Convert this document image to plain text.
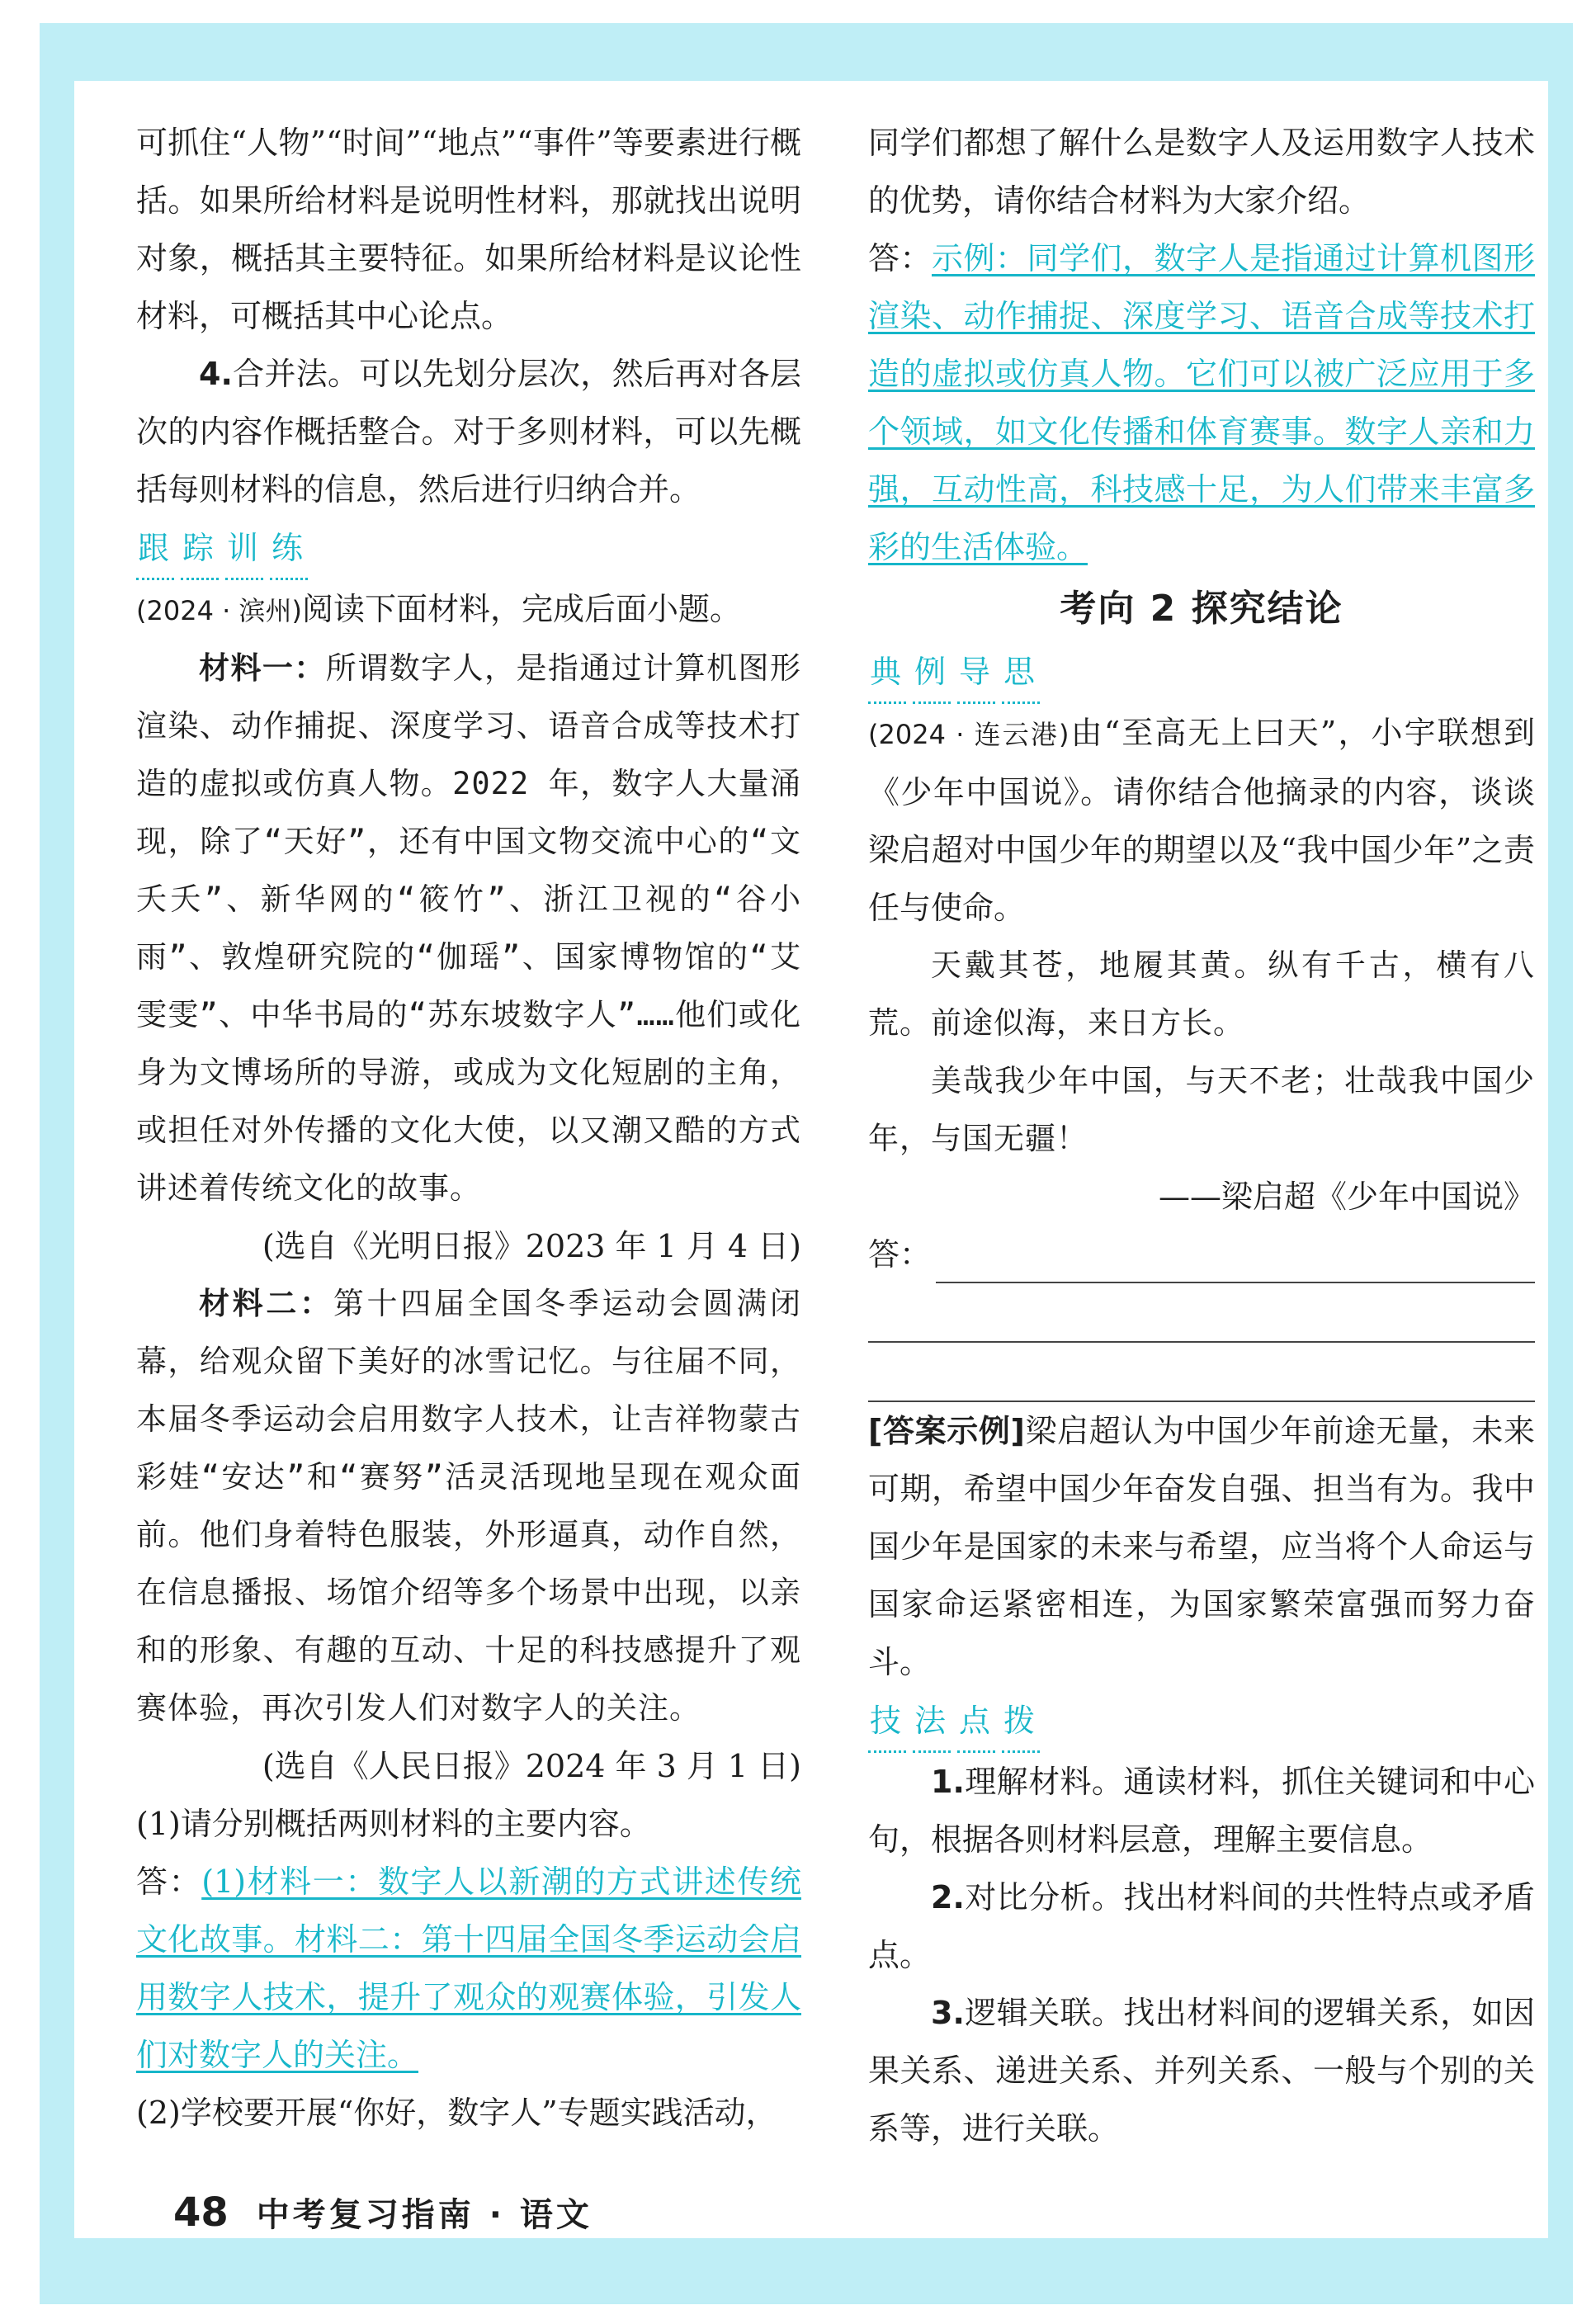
可抓住“人物”“时间”“地点”“事件”等要素进行概括。如果所给材料是说明性材料，那就找出说明对象，概括其主要特征。如果所给材料是议论性材料，可概括其中心论点。

4.合并法。可以先划分层次，然后再对各层次的内容作概括整合。对于多则材料，可以先概括每则材料的信息，然后进行归纳合并。

跟 踪 训 练

(2024 · 滨州)阅读下面材料，完成后面小题。

材料一：所谓数字人，是指通过计算机图形渲染、动作捕捉、深度学习、语音合成等技术打造的虚拟或仿真人物。2022 年，数字人大量涌现，除了“天好”，还有中国文物交流中心的“文夭夭”、新华网的“筱竹”、浙江卫视的“谷小雨”、敦煌研究院的“伽瑶”、国家博物馆的“艾雯雯”、中华书局的“苏东坡数字人”……他们或化身为文博场所的导游，或成为文化短剧的主角，或担任对外传播的文化大使，以又潮又酷的方式讲述着传统文化的故事。

(选自《光明日报》2023 年 1 月 4 日)

材料二：第十四届全国冬季运动会圆满闭幕，给观众留下美好的冰雪记忆。与往届不同，本届冬季运动会启用数字人技术，让吉祥物蒙古彩娃“安达”和“赛努”活灵活现地呈现在观众面前。他们身着特色服装，外形逼真，动作自然，在信息播报、场馆介绍等多个场景中出现，以亲和的形象、有趣的互动、十足的科技感提升了观赛体验，再次引发人们对数字人的关注。

(选自《人民日报》2024 年 3 月 1 日)

(1)请分别概括两则材料的主要内容。

答：(1)材料一：数字人以新潮的方式讲述传统文化故事。材料二：第十四届全国冬季运动会启用数字人技术，提升了观众的观赛体验，引发人们对数字人的关注。

(2)学校要开展“你好，数字人”专题实践活动，

同学们都想了解什么是数字人及运用数字人技术的优势，请你结合材料为大家介绍。

答：示例：同学们，数字人是指通过计算机图形渲染、动作捕捉、深度学习、语音合成等技术打造的虚拟或仿真人物。它们可以被广泛应用于多个领域，如文化传播和体育赛事。数字人亲和力强，互动性高，科技感十足，为人们带来丰富多彩的生活体验。

考向 2 探究结论
典 例 导 思

(2024 · 连云港)由“至高无上曰天”，小宇联想到《少年中国说》。请你结合他摘录的内容，谈谈梁启超对中国少年的期望以及“我中国少年”之责任与使命。

天戴其苍，地履其黄。纵有千古，横有八荒。前途似海，来日方长。

美哉我少年中国，与天不老；壮哉我中国少年，与国无疆！

——梁启超《少年中国说》

答：

[答案示例]梁启超认为中国少年前途无量，未来可期，希望中国少年奋发自强、担当有为。我中国少年是国家的未来与希望，应当将个人命运与国家命运紧密相连，为国家繁荣富强而努力奋斗。

技 法 点 拨

1.理解材料。通读材料，抓住关键词和中心句，根据各则材料层意，理解主要信息。

2.对比分析。找出材料间的共性特点或矛盾点。

3.逻辑关联。找出材料间的逻辑关系，如因果关系、递进关系、并列关系、一般与个别的关系等，进行关联。

48 中考复习指南 · 语文
